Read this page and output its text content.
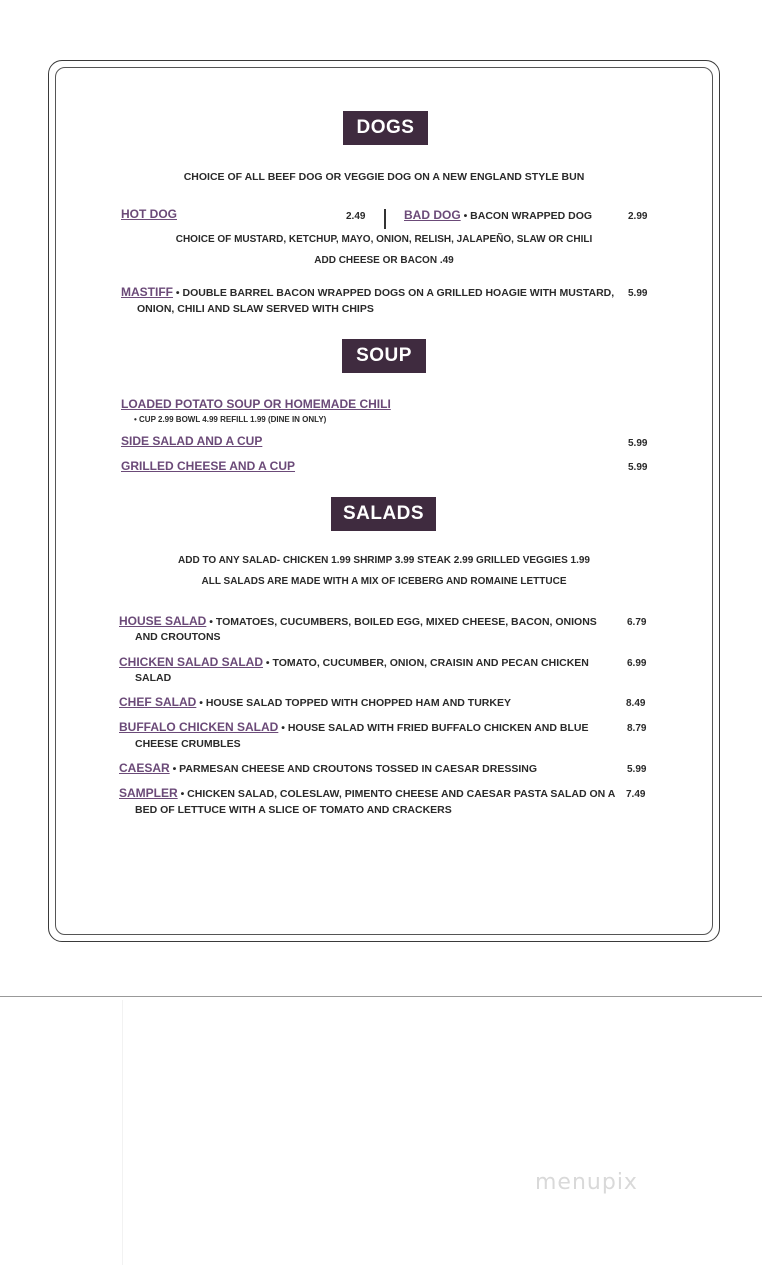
DOGS
CHOICE OF ALL BEEF DOG OR VEGGIE DOG ON A NEW ENGLAND STYLE BUN
HOT DOG	2.49	BAD DOG • BACON WRAPPED DOG	2.99
CHOICE OF MUSTARD, KETCHUP, MAYO, ONION, RELISH, JALAPEÑO, SLAW OR CHILI
ADD CHEESE OR BACON .49
MASTIFF • DOUBLE BARREL BACON WRAPPED DOGS ON A GRILLED HOAGIE WITH MUSTARD,
ONION, CHILI AND SLAW SERVED WITH CHIPS
5.99
SOUP
LOADED POTATO SOUP OR HOMEMADE CHILI
• CUP 2.99 BOWL 4.99 REFILL 1.99 (DINE IN ONLY)
SIDE SALAD AND A CUP	5.99
GRILLED CHEESE AND A CUP	5.99
SALADS
ADD TO ANY SALAD- CHICKEN 1.99 SHRIMP 3.99 STEAK 2.99 GRILLED VEGGIES 1.99
ALL SALADS ARE MADE WITH A MIX OF ICEBERG AND ROMAINE LETTUCE
HOUSE SALAD • TOMATOES, CUCUMBERS, BOILED EGG, MIXED CHEESE, BACON, ONIONS
AND CROUTONS
6.79
CHICKEN SALAD SALAD • TOMATO, CUCUMBER, ONION, CRAISIN AND PECAN CHICKEN
SALAD
6.99
CHEF SALAD • HOUSE SALAD TOPPED WITH CHOPPED HAM AND TURKEY	8.49
BUFFALO CHICKEN SALAD • HOUSE SALAD WITH FRIED BUFFALO CHICKEN AND BLUE
CHEESE CRUMBLES
8.79
CAESAR • PARMESAN CHEESE AND CROUTONS TOSSED IN CAESAR DRESSING	5.99
SAMPLER • CHICKEN SALAD, COLESLAW, PIMENTO CHEESE AND CAESAR PASTA SALAD ON A
BED OF LETTUCE WITH A SLICE OF TOMATO AND CRACKERS
7.49
menupix
